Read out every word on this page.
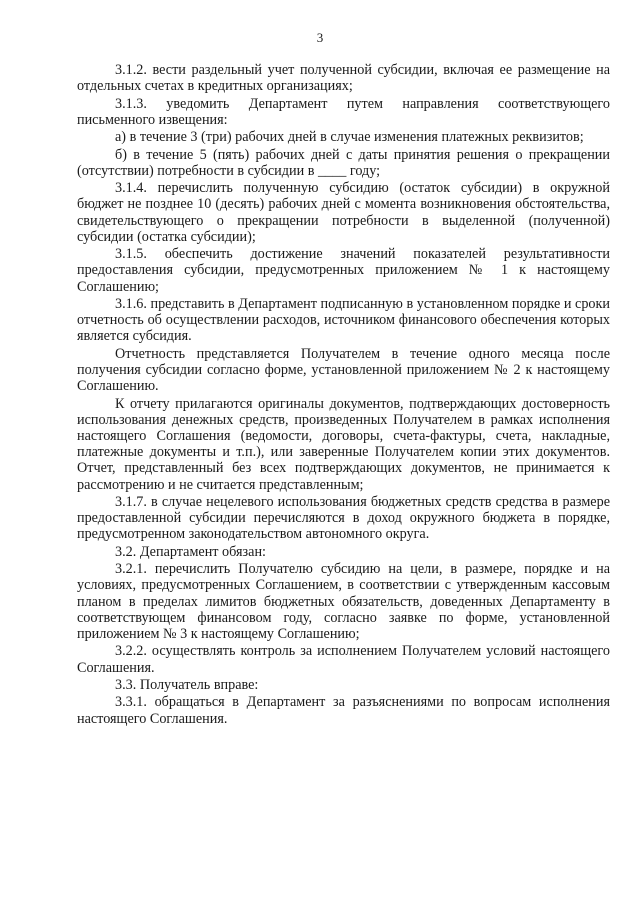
3

3.1.2. вести раздельный учет полученной субсидии, включая ее размещение на отдельных счетах в кредитных организациях;

3.1.3. уведомить Департамент путем направления соответствующего письменного извещения:

а) в течение 3 (три) рабочих дней в случае изменения платежных реквизитов;

б) в течение 5 (пять) рабочих дней с даты принятия решения о прекращении (отсутствии) потребности в субсидии в ____ году;

3.1.4. перечислить полученную субсидию (остаток субсидии) в окружной бюджет не позднее 10 (десять) рабочих дней с момента возникновения обстоятельства, свидетельствующего о прекращении потребности в выделенной (полученной) субсидии (остатка субсидии);

3.1.5. обеспечить достижение значений показателей результативности предоставления субсидии, предусмотренных приложением № 1 к настоящему Соглашению;

3.1.6. представить в Департамент подписанную в установленном порядке и сроки отчетность об осуществлении расходов, источником финансового обеспечения которых является субсидия.

Отчетность представляется Получателем в течение одного месяца после получения субсидии согласно форме, установленной приложением № 2 к настоящему Соглашению.

К отчету прилагаются оригиналы документов, подтверждающих достоверность использования денежных средств, произведенных Получателем в рамках исполнения настоящего Соглашения (ведомости, договоры, счета-фактуры, счета, накладные, платежные документы и т.п.), или заверенные Получателем копии этих документов. Отчет, представленный без всех подтверждающих документов, не принимается к рассмотрению и не считается представленным;

3.1.7. в случае нецелевого использования бюджетных средств средства в размере предоставленной субсидии перечисляются в доход окружного бюджета в порядке, предусмотренном законодательством автономного округа.

3.2. Департамент обязан:

3.2.1. перечислить Получателю субсидию на цели, в размере, порядке и на условиях, предусмотренных Соглашением, в соответствии с утвержденным кассовым планом в пределах лимитов бюджетных обязательств, доведенных Департаменту в соответствующем финансовом году, согласно заявке по форме, установленной приложением № 3 к настоящему Соглашению;

3.2.2. осуществлять контроль за исполнением Получателем условий настоящего Соглашения.

3.3. Получатель вправе:

3.3.1. обращаться в Департамент за разъяснениями по вопросам исполнения настоящего Соглашения.
